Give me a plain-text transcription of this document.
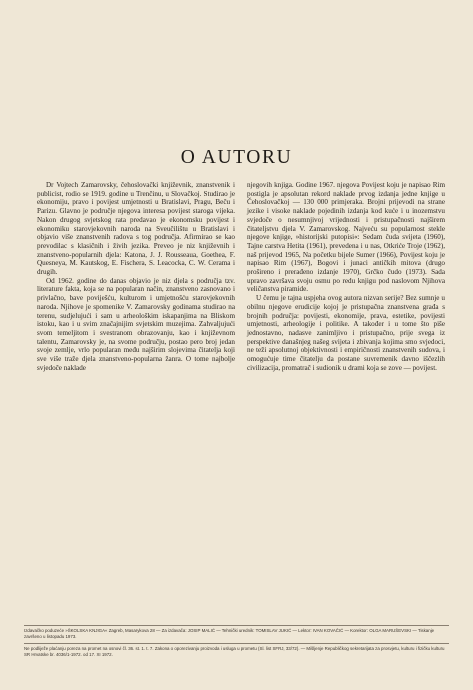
O AUTORU

Dr Vojtech Zamarovsky, čehoslovački književnik, znanstvenik i publicist, rodio se 1919. godine u Trenčinu, u Slovačkoj. Studirao je ekonomiju, pravo i povijest umjetnosti u Bratislavi, Pragu, Beču i Parizu. Glavno je područje njegova interesa povijest staroga vijeka. Nakon drugog svjetskog rata predavao je ekonomsku povijest i ekonomiku starovjekovnih naroda na Sveučilištu u Bratislavi i objavio više znanstvenih radova s tog područja. Afirmirao se kao prevodilac s klasičnih i živih jezika. Preveo je niz književnih i znanstveno-popularnih djela: Katona, J. J. Rousseaua, Goethea, F. Quesneya, M. Kautskog, E. Fischera, S. Leacocka, C. W. Cerama i drugih.

Od 1962. godine do danas objavio je niz djela s područja tzv. literature fakta, koja se na popularan način, znanstveno zasnovano i privlačno, bave poviješću, kulturom i umjetnošću starovjekovnih naroda. Njihove je spomenike V. Zamarovsky godinama studirao na terenu, sudjelujući i sam u arheološkim iskapanjima na Bliskom istoku, kao i u svim značajnijim svjetskim muzejima. Zahvaljujući svom temeljitom i svestranom obrazovanju, kao i književnom talentu, Zamarovsky je, na svome području, postao pero broj jedan svoje zemlje, vrlo popularan među najširim slojevima čitatelja koji sve više traže djela znanstveno-popularna žanra. O tome najbolje svjedoče naklade

njegovih knjiga. Godine 1967. njegova Povijest koju je napisao Rim postigla je apsolutan rekord naklade prvog izdanja jedne knjige u Čehoslovačkoj — 130 000 primjeraka. Brojni prijevodi na strane jezike i visoke naklade pojedinih izdanja kod kuće i u inozemstvu svjedoče o nesumnjivoj vrijednosti i pristupačnosti najširem čitateljstvu djela V. Zamarovskog. Najveću su popularnost stekle njegove knjige, »historijski putopisi«: Sedam čuda svijeta (1960), Tajne carstva Hetita (1961), prevedena i u nas, Otkriće Troje (1962), naš prijevod 1965, Na početku bijele Sumer (1966), Povijest koju je napisao Rim (1967), Bogovi i junaci antičkih mitova (drugo prošireno i prerađeno izdanje 1970), Grčko čudo (1973). Sada upravo završava svoju osmu po redu knjigu pod naslovom Njihova veličanstva piramide.

U čemu je tajna uspjeha ovog autora nizvan serije? Bez sumnje u obilnu njegove erudicije kojoj je pristupačna znanstvena građa s brojnih područja: povijesti, ekonomije, prava, estetike, povijesti umjetnosti, arheologije i politike. A također i u tome što piše jednostavno, nadasve zanimljivo i pristupačno, prije svega iz perspektive današnjeg našeg svijeta i zbivanja kojima smo svjedoci, ne teži apsolutnoj objektivnosti i empiričnosti znanstvenih sudova, i omogućuje time čitatelju da postane suvremenik davno iščezlih civilizacija, promatrač i sudionik u drami koja se zove — povijest.

Izdavačko poduzeće »ŠKOLSKA KNJIGA« Zagreb, Masarykova 28 — Za izdavača: JOSIP MALIĆ — Tehnički urednik: TOMISLAV JUKIĆ — Lektor: IVAN KOVAČIĆ — Korektor: OLGA MARUŠEVSKI — Tiskanje završeno u listopadu 1973.
Ne podliježe plaćanju poreza na promet na osnovi čl. 36. st. 1. t. 7. Zakona o oporezivanju proizvoda i usluga u prometu (Sl. list SFRJ, 33/72). — Mišljenje Republičkog sekretarijata za prosvjetu, kulturu i fizičku kulturu SR Hrvatske br. 4036/1-1972. od 17. XI 1972.
